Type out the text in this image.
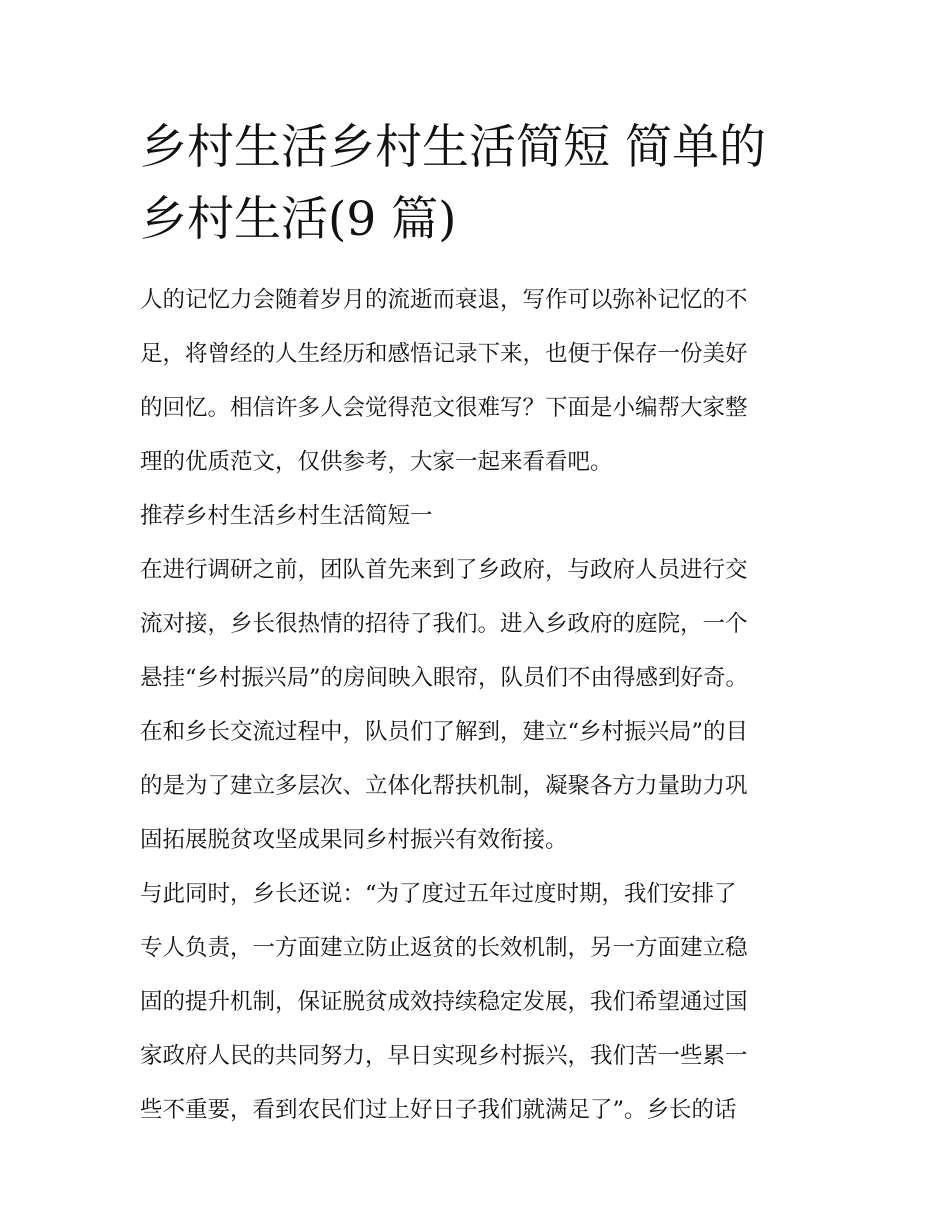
乡村生活乡村生活简短 简单的
乡村生活(9 篇)

人的记忆力会随着岁月的流逝而衰退，写作可以弥补记忆的不
足，将曾经的人生经历和感悟记录下来，也便于保存一份美好
的回忆。相信许多人会觉得范文很难写？下面是小编帮大家整
理的优质范文，仅供参考，大家一起来看看吧。

推荐乡村生活乡村生活简短一

在进行调研之前，团队首先来到了乡政府，与政府人员进行交
流对接，乡长很热情的招待了我们。进入乡政府的庭院，一个
悬挂“乡村振兴局”的房间映入眼帘，队员们不由得感到好奇。
在和乡长交流过程中，队员们了解到，建立“乡村振兴局”的目
的是为了建立多层次、立体化帮扶机制，凝聚各方力量助力巩
固拓展脱贫攻坚成果同乡村振兴有效衔接。

与此同时，乡长还说：“为了度过五年过度时期，我们安排了
专人负责，一方面建立防止返贫的长效机制，另一方面建立稳
固的提升机制，保证脱贫成效持续稳定发展，我们希望通过国
家政府人民的共同努力，早日实现乡村振兴，我们苦一些累一
些不重要，看到农民们过上好日子我们就满足了”。乡长的话
